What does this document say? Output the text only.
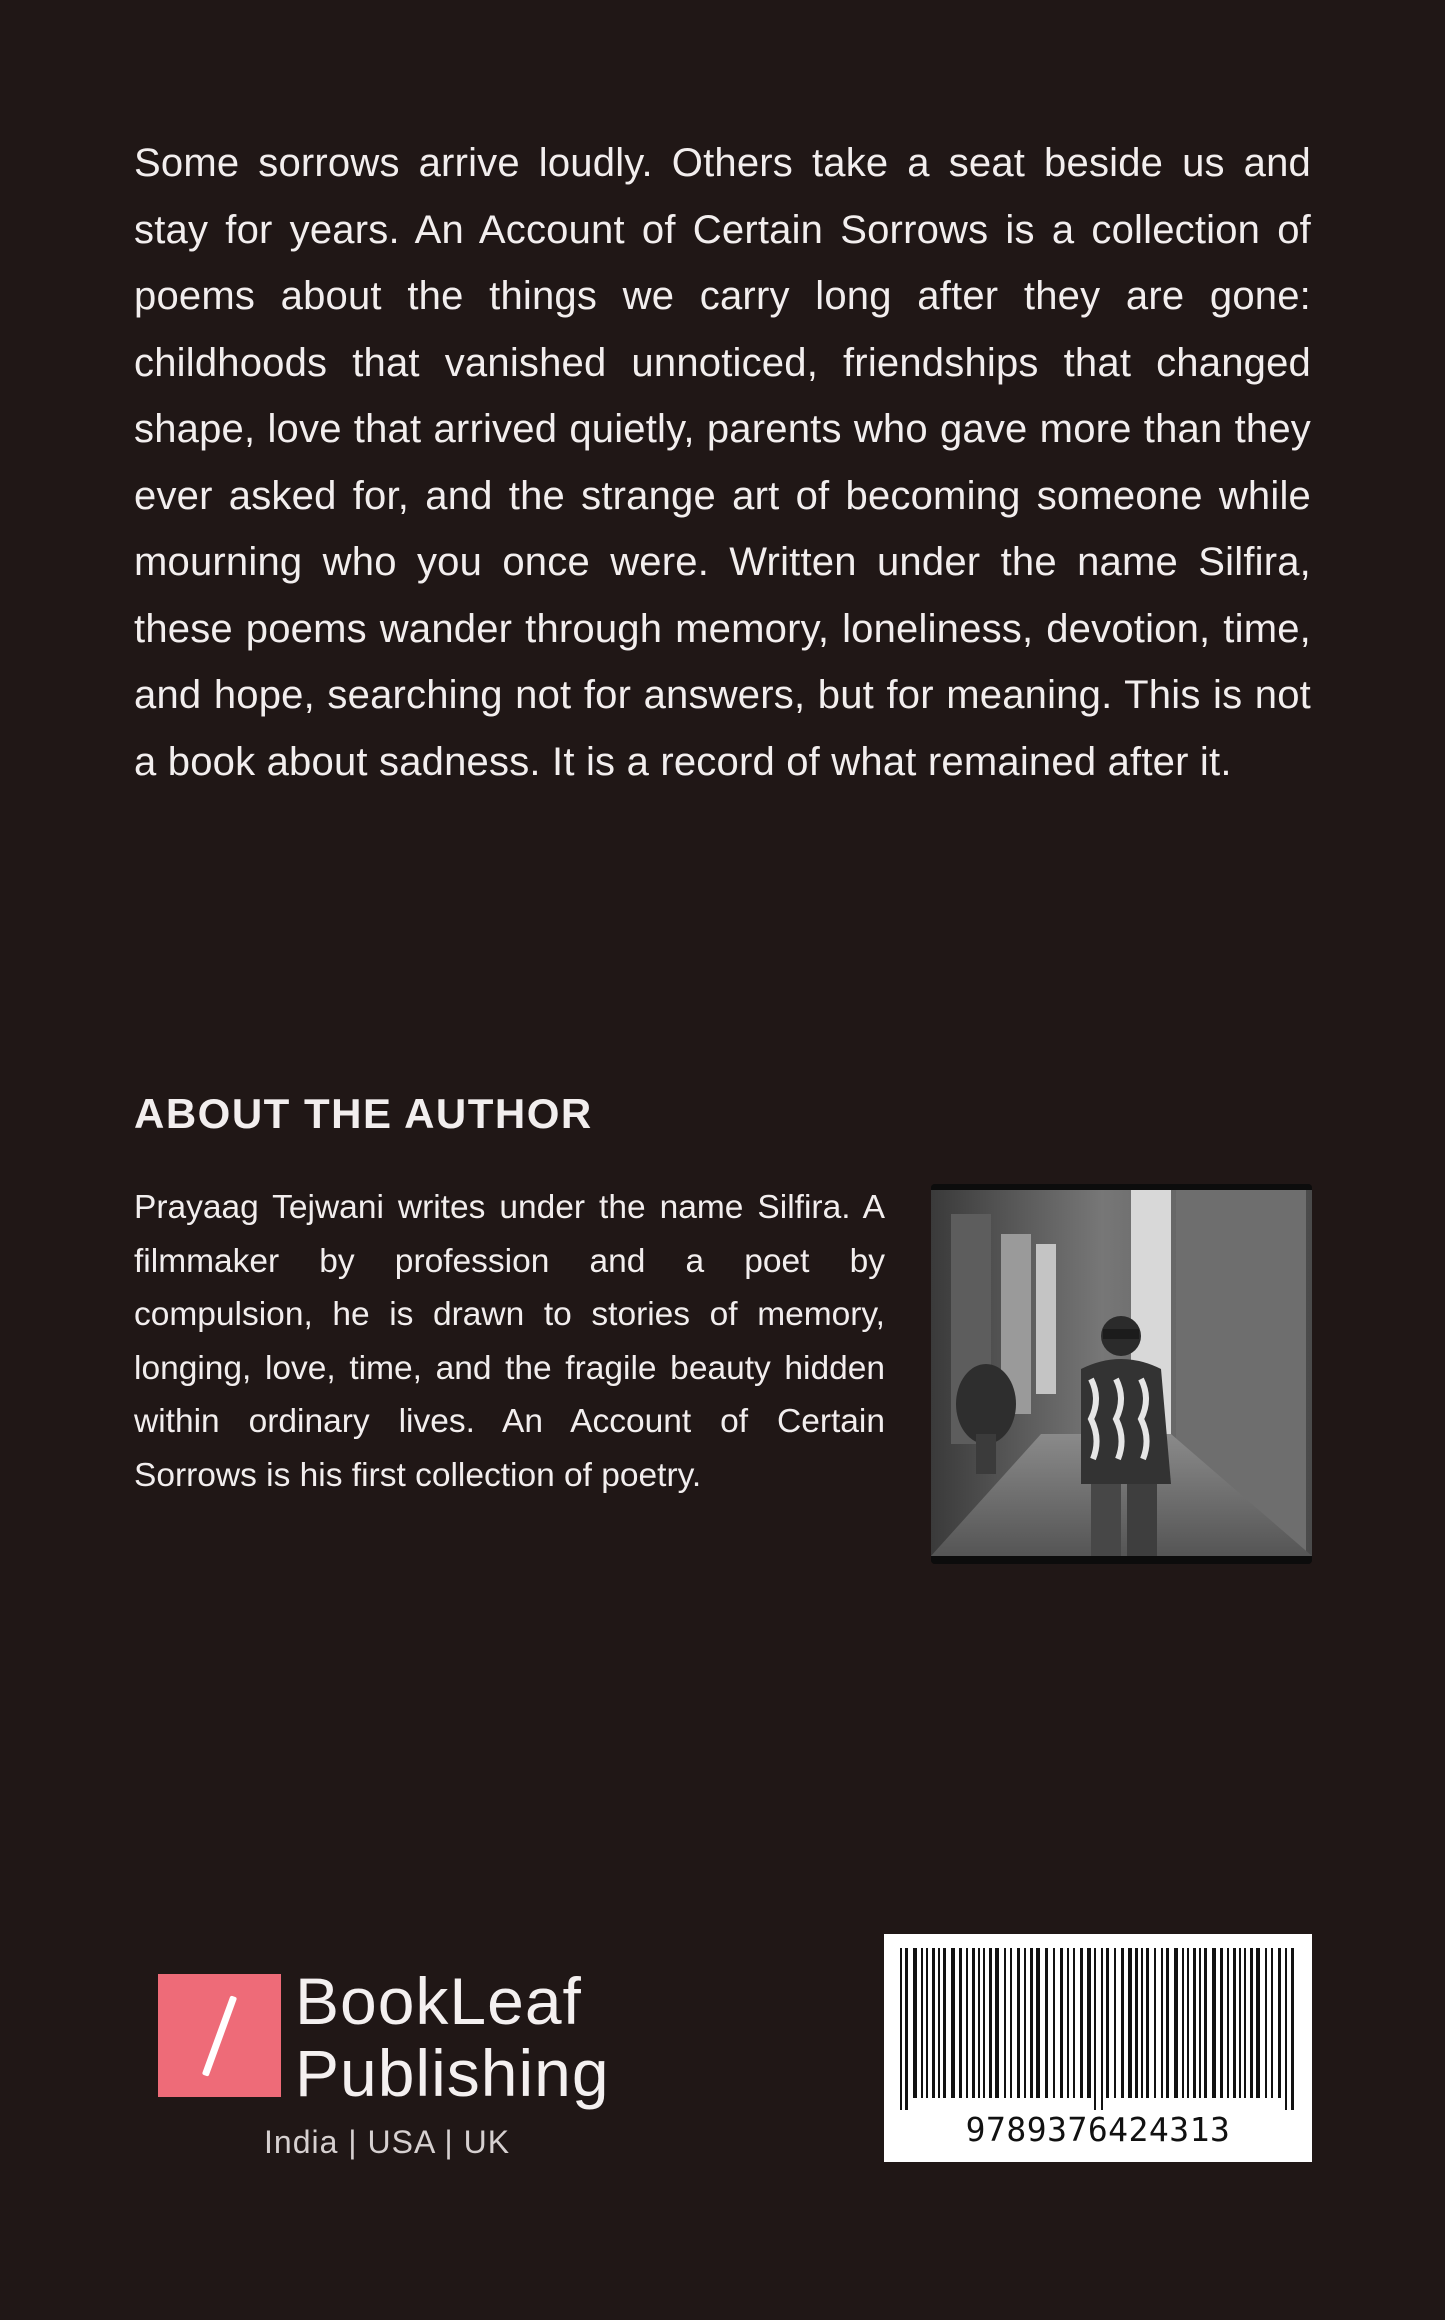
Some sorrows arrive loudly. Others take a seat beside us and stay for years. An Account of Certain Sorrows is a collection of poems about the things we carry long after they are gone: childhoods that vanished unnoticed, friendships that changed shape, love that arrived quietly, parents who gave more than they ever asked for, and the strange art of becoming someone while mourning who you once were. Written under the name Silfira, these poems wander through memory, loneliness, devotion, time, and hope, searching not for answers, but for meaning. This is not a book about sadness. It is a record of what remained after it.

ABOUT THE AUTHOR

Prayaag Tejwani writes under the name Silfira. A filmmaker by profession and a poet by compulsion, he is drawn to stories of memory, longing, love, time, and the fragile beauty hidden within ordinary lives. An Account of Certain Sorrows is his first collection of poetry.

BookLeaf
Publishing
India | USA | UK	9789376424313
